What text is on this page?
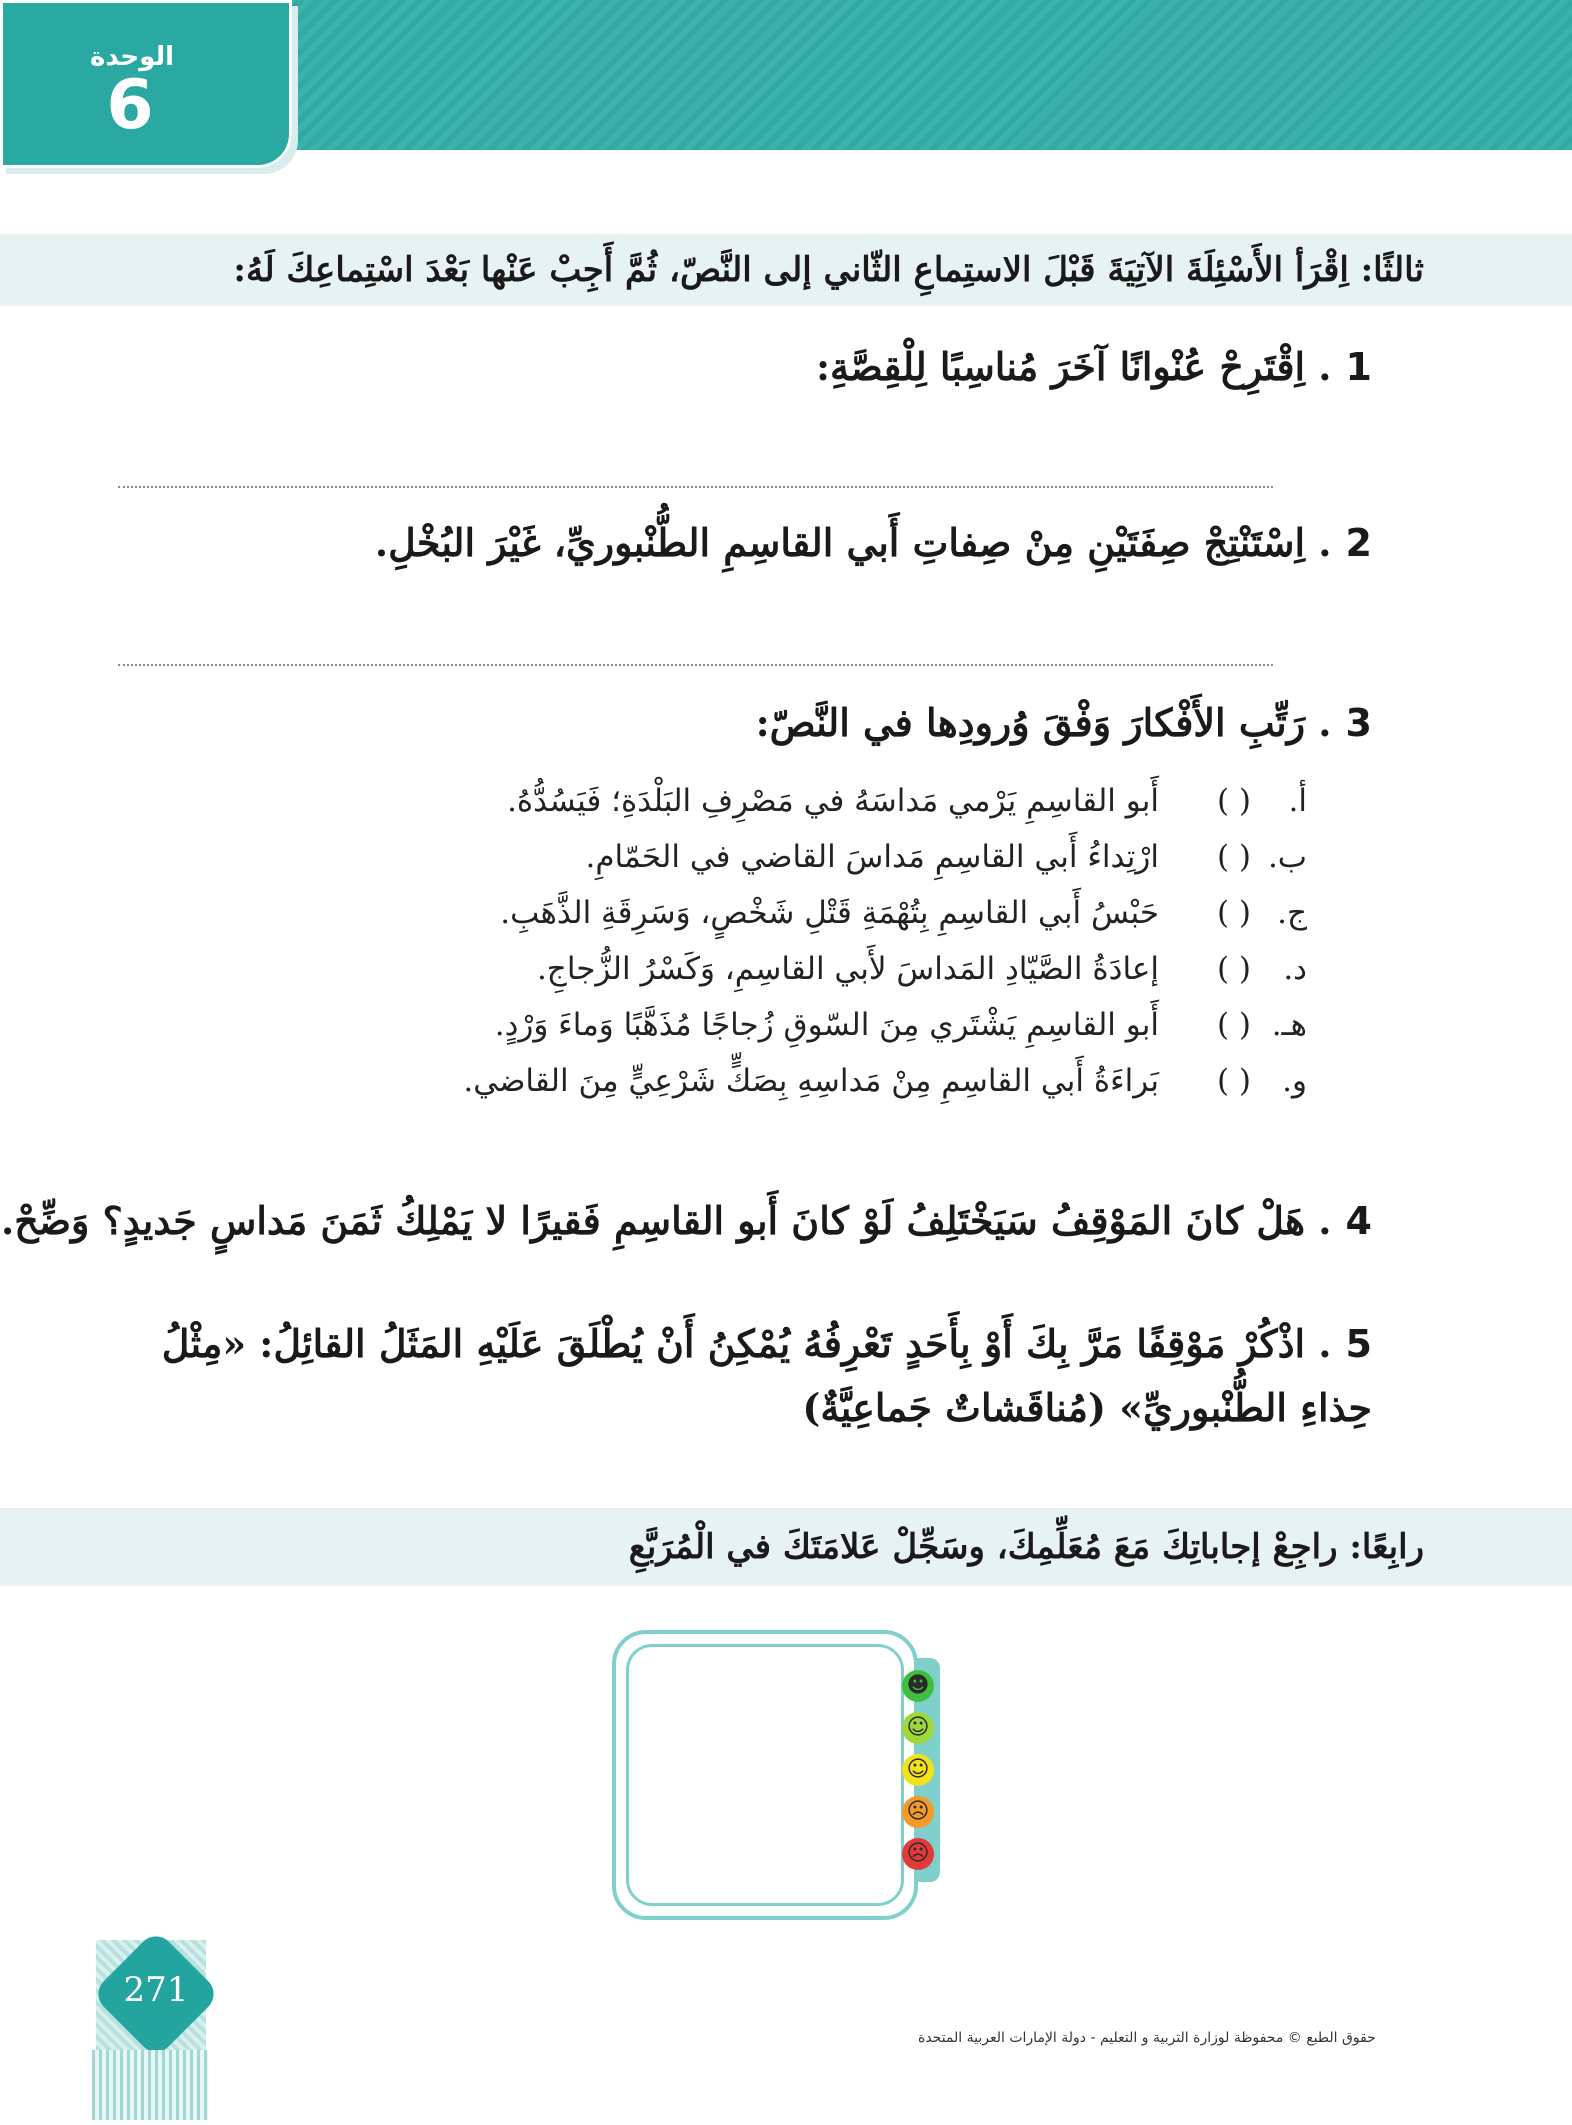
الوحدة
6
ثالثًا: اِقْرَأ الأَسْئِلَةَ الآتِيَةَ قَبْلَ الاستِماعِ الثّاني إلى النَّصّ، ثُمَّ أَجِبْ عَنْها بَعْدَ اسْتِماعِكَ لَهُ:
1. اِقْتَرِحْ عُنْوانًا آخَرَ مُناسِبًا لِلْقِصَّةِ:
2. اِسْتَنْتِجْ صِفَتَيْنِ مِنْ صِفاتِ أَبي القاسِمِ الطُّنْبوريِّ، غَيْرَ البُخْلِ.
3. رَتِّبِ الأَفْكارَ وَفْقَ وُرودِها في النَّصّ:
أ.( )أَبو القاسِمِ يَرْمي مَداسَهُ في مَصْرِفِ البَلْدَةِ؛ فَيَسُدُّهُ.
ب.( )ارْتِداءُ أَبي القاسِمِ مَداسَ القاضي في الحَمّامِ.
ج.( )حَبْسُ أَبي القاسِمِ بِتُهْمَةِ قَتْلِ شَخْصٍ، وَسَرِقَةِ الذَّهَبِ.
د.( )إعادَةُ الصَّيّادِ المَداسَ لأَبي القاسِمِ، وَكَسْرُ الزُّجاجِ.
هـ.( )أَبو القاسِمِ يَشْتَري مِنَ السّوقِ زُجاجًا مُذَهَّبًا وَماءَ وَرْدٍ.
و.( )بَراءَةُ أَبي القاسِمِ مِنْ مَداسِهِ بِصَكٍّ شَرْعِيٍّ مِنَ القاضي.
4. هَلْ كانَ المَوْقِفُ سَيَخْتَلِفُ لَوْ كانَ أَبو القاسِمِ فَقيرًا لا يَمْلِكُ ثَمَنَ مَداسٍ جَديدٍ؟ وَضِّحْ.
5. اذْكُرْ مَوْقِفًا مَرَّ بِكَ أَوْ بِأَحَدٍ تَعْرِفُهُ يُمْكِنُ أَنْ يُطْلَقَ عَلَيْهِ المَثَلُ القائِلُ: «مِثْلُ حِذاءِ الطُّنْبوريِّ» (مُناقَشاتٌ جَماعِيَّةٌ)
رابِعًا: راجِعْ إجاباتِكَ مَعَ مُعَلِّمِكَ، وسَجِّلْ عَلامَتَكَ في الْمُرَبَّعِ
☻
☺
☺
☹
☹
271
حقوق الطبع © محفوظة لوزارة التربية و التعليم - دولة الإمارات العربية المتحدة
